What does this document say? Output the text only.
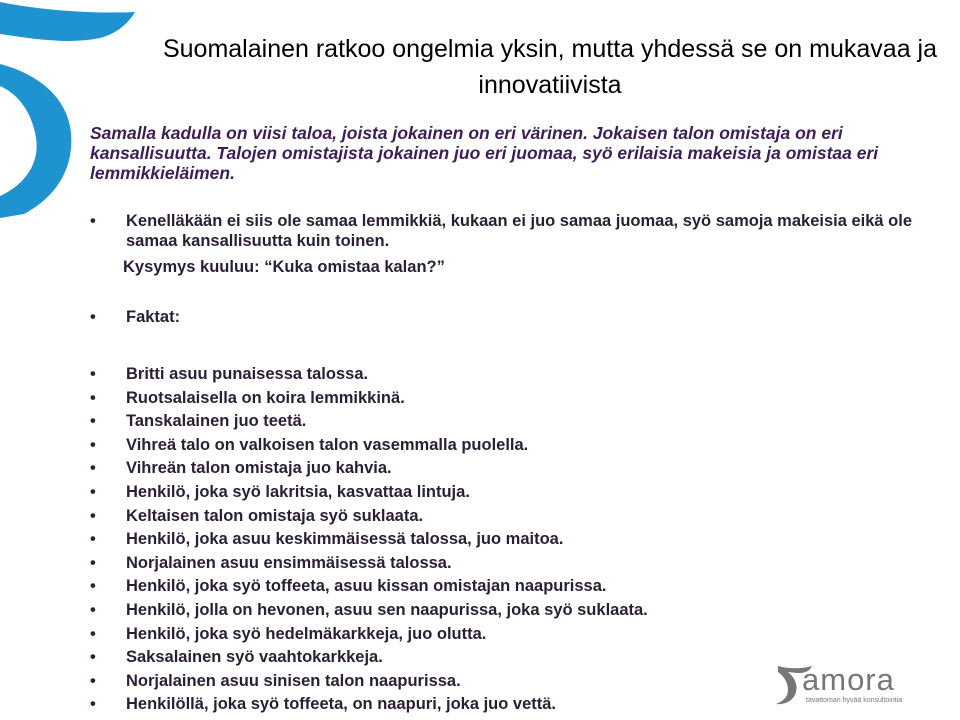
Suomalainen ratkoo ongelmia yksin, mutta yhdessä se on mukavaa ja innovatiivista
Samalla kadulla on viisi taloa, joista jokainen on eri värinen. Jokaisen talon omistaja on eri kansallisuutta. Talojen omistajista jokainen juo eri juomaa, syö erilaisia makeisia ja omistaa eri lemmikkieläimen.
• Kenelläkään ei siis ole samaa lemmikkiä, kukaan ei juo samaa juomaa, syö samoja makeisia eikä ole samaa kansallisuutta kuin toinen.
Kysymys kuuluu: “Kuka omistaa kalan?”
• Faktat:
• Britti asuu punaisessa talossa.
• Ruotsalaisella on koira lemmikkinä.
• Tanskalainen juo teetä.
• Vihreä talo on valkoisen talon vasemmalla puolella.
• Vihreän talon omistaja juo kahvia.
• Henkilö, joka syö lakritsia, kasvattaa lintuja.
• Keltaisen talon omistaja syö suklaata.
• Henkilö, joka asuu keskimmäisessä talossa, juo maitoa.
• Norjalainen asuu ensimmäisessä talossa.
• Henkilö, joka syö toffeeta, asuu kissan omistajan naapurissa.
• Henkilö, jolla on hevonen, asuu sen naapurissa, joka syö suklaata.
• Henkilö, joka syö hedelmäkarkkeja, juo olutta.
• Saksalainen syö vaahtokarkkeja.
• Norjalainen asuu sinisen talon naapurissa.
• Henkilöllä, joka syö toffeeta, on naapuri, joka juo vettä.
amora
tavattoman hyvää konsultointia
